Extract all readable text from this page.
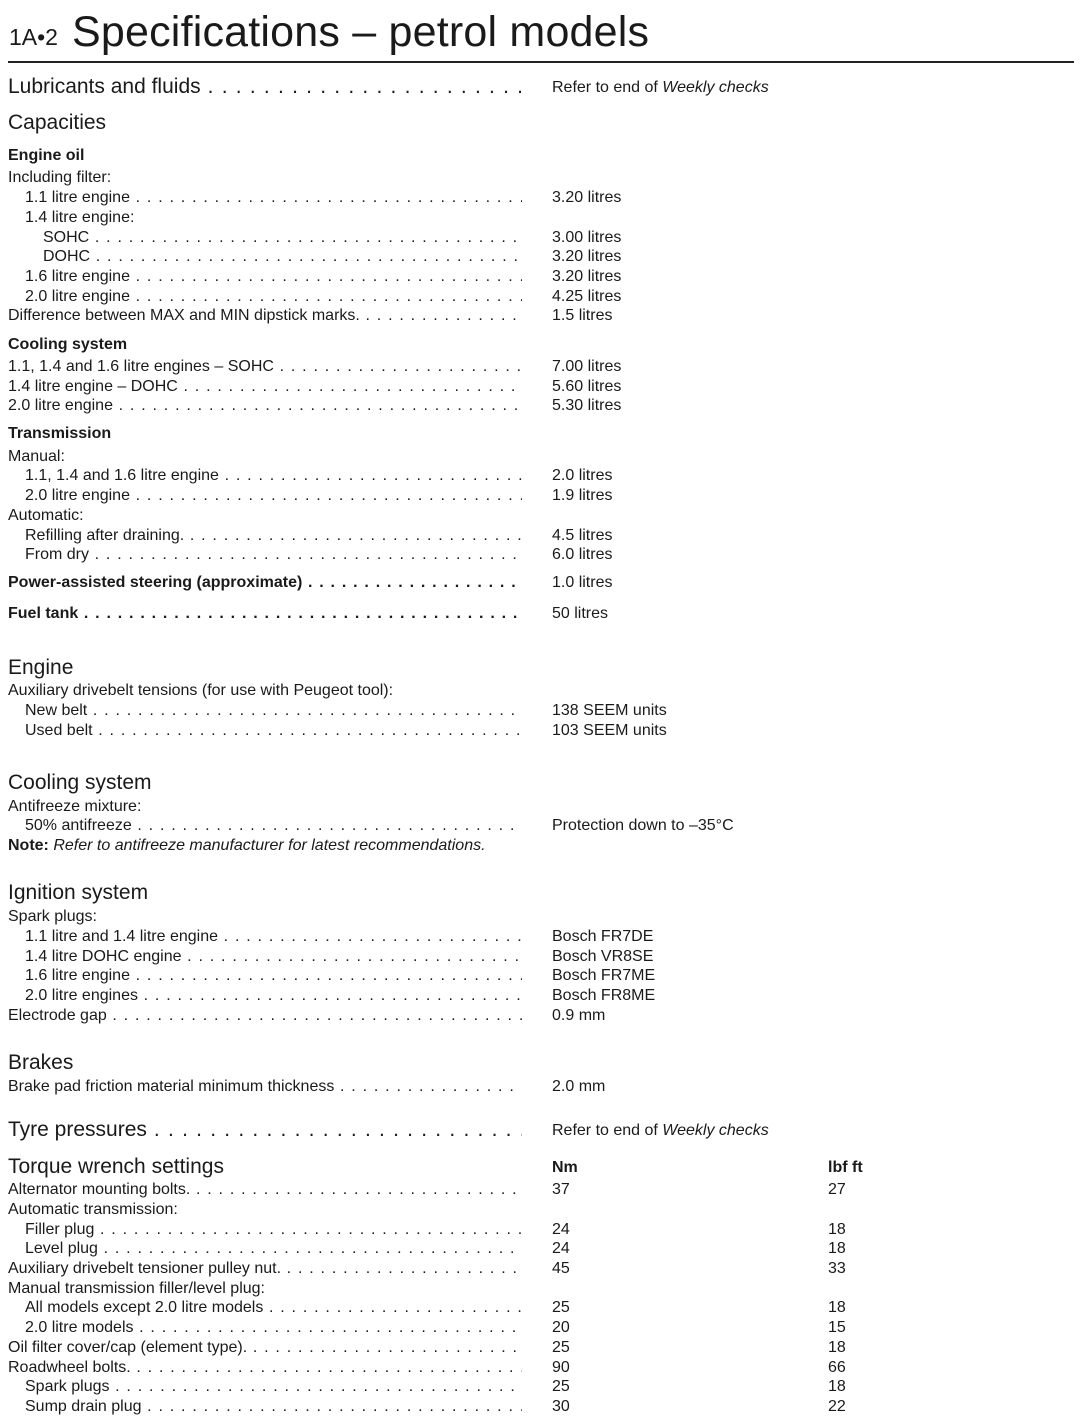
1A•2 Specifications – petrol models
Lubricants and fluids . . .	Refer to end of Weekly checks
Capacities
Engine oil
Including filter:
1.1 litre engine . . .	3.20 litres
1.4 litre engine:
SOHC . . .	3.00 litres
DOHC . . .	3.20 litres
1.6 litre engine . . .	3.20 litres
2.0 litre engine . . .	4.25 litres
Difference between MAX and MIN dipstick marks. . . .	1.5 litres
Cooling system
1.1, 1.4 and 1.6 litre engines – SOHC . . .	7.00 litres
1.4 litre engine – DOHC . . .	5.60 litres
2.0 litre engine . . .	5.30 litres
Transmission
Manual:
1.1, 1.4 and 1.6 litre engine . . .	2.0 litres
2.0 litre engine . . .	1.9 litres
Automatic:
Refilling after draining. . . .	4.5 litres
From dry . . .	6.0 litres
Power-assisted steering (approximate) . . .	1.0 litres
Fuel tank . . .	50 litres
Engine
Auxiliary drivebelt tensions (for use with Peugeot tool):
New belt . . .	138 SEEM units
Used belt . . .	103 SEEM units
Cooling system
Antifreeze mixture:
50% antifreeze . . .	Protection down to –35°C
Note: Refer to antifreeze manufacturer for latest recommendations.
Ignition system
Spark plugs:
1.1 litre and 1.4 litre engine . . .	Bosch FR7DE
1.4 litre DOHC engine . . .	Bosch VR8SE
1.6 litre engine . . .	Bosch FR7ME
2.0 litre engines . . .	Bosch FR8ME
Electrode gap . . .	0.9 mm
Brakes
Brake pad friction material minimum thickness . . .	2.0 mm
Tyre pressures . . .	Refer to end of Weekly checks
Torque wrench settings	Nm	lbf ft
Alternator mounting bolts. . . .	37	27
Automatic transmission:
Filler plug . . .	24	18
Level plug . . .	24	18
Auxiliary drivebelt tensioner pulley nut. . . .	45	33
Manual transmission filler/level plug:
All models except 2.0 litre models . . .	25	18
2.0 litre models . . .	20	15
Oil filter cover/cap (element type). . . .	25	18
Roadwheel bolts. . . .	90	66
Spark plugs . . .	25	18
Sump drain plug . . .	30	22
